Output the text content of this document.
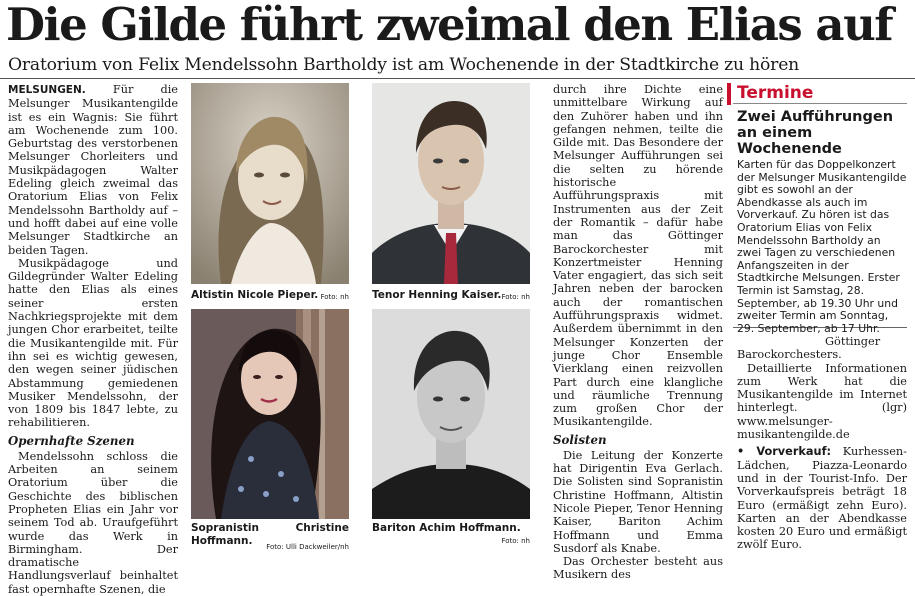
Die Gilde führt zweimal den Elias auf
Oratorium von Felix Mendelssohn Bartholdy ist am Wochenende in der Stadtkirche zu hören

MELSUNGEN. Für die Melsunger Musikantengilde ist es ein Wagnis: Sie führt am Wochenende zum 100. Geburtstag des verstorbenen Melsunger Chorleiters und Musikpädagogen Walter Edeling gleich zweimal das Oratorium Elias von Felix Mendelssohn Bartholdy auf – und hofft dabei auf eine volle Melsunger Stadtkirche an beiden Tagen.

Musikpädagoge und Gildegründer Walter Edeling hatte den Elias als eines seiner ersten Nachkriegsprojekte mit dem jungen Chor erarbeitet, teilte die Musikantengilde mit. Für ihn sei es wichtig gewesen, den wegen seiner jüdischen Abstammung gemiedenen Musiker Mendelssohn, der von 1809 bis 1847 lebte, zu rehabilitieren.

Opernhafte Szenen

Mendelssohn schloss die Arbeiten an seinem Oratorium über die Geschichte des biblischen Propheten Elias ein Jahr vor seinem Tod ab. Uraufgeführt wurde das Werk in Birmingham. Der dramatische Handlungsverlauf beinhaltet fast opernhafte Szenen, die

Altistin Nicole Pieper. Foto: nh Tenor Henning Kaiser. Foto: nh
Sopranistin Christine Hoffmann. Foto: Ulli Dackweiler/nh
Bariton Achim Hoffmann.

Foto: nh

durch ihre Dichte eine unmittelbare Wirkung auf den Zuhörer haben und ihn gefangen nehmen, teilte die Gilde mit. Das Besondere der Melsunger Aufführungen sei die selten zu hörende historische Aufführungspraxis mit Instrumenten aus der Zeit der Romantik – dafür habe man das Göttinger Barockorchester mit Konzertmeister Henning Vater engagiert, das sich seit Jahren neben der barocken auch der romantischen Aufführungspraxis widmet. Außerdem übernimmt in den Melsunger Konzerten der junge Chor Ensemble Vierklang einen reizvollen Part durch eine klangliche und räumliche Trennung zum großen Chor der Musikantengilde.

Solisten

Die Leitung der Konzerte hat Dirigentin Eva Gerlach. Die Solisten sind Sopranistin Christine Hoffmann, Altistin Nicole Pieper, Tenor Henning Kaiser, Bariton Achim Hoffmann und Emma Susdorf als Knabe.

Das Orchester besteht aus Musikern des

Termine
Zwei Aufführungen an einem Wochenende
Karten für das Doppelkonzert der Melsunger Musikantengilde gibt es sowohl an der Abendkasse als auch im Vorverkauf. Zu hören ist das Oratorium Elias von Felix Mendelssohn Bartholdy an zwei Tagen zu verschiedenen Anfangszeiten in der Stadtkirche Melsungen. Erster Termin ist Samstag, 28. September, ab 19.30 Uhr und zweiter Termin am Sonntag, 29. September, ab 17 Uhr.

Göttinger Barockorchesters.

Detaillierte Informationen zum Werk hat die Musikantengilde im Internet hinterlegt. (lgr) www.melsunger-musikantengilde.de

• Vorverkauf: Kurhessen-Lädchen, Piazza-Leonardo und in der Tourist-Info. Der Vorverkaufspreis beträgt 18 Euro (ermäßigt zehn Euro). Karten an der Abendkasse kosten 20 Euro und ermäßigt zwölf Euro.
